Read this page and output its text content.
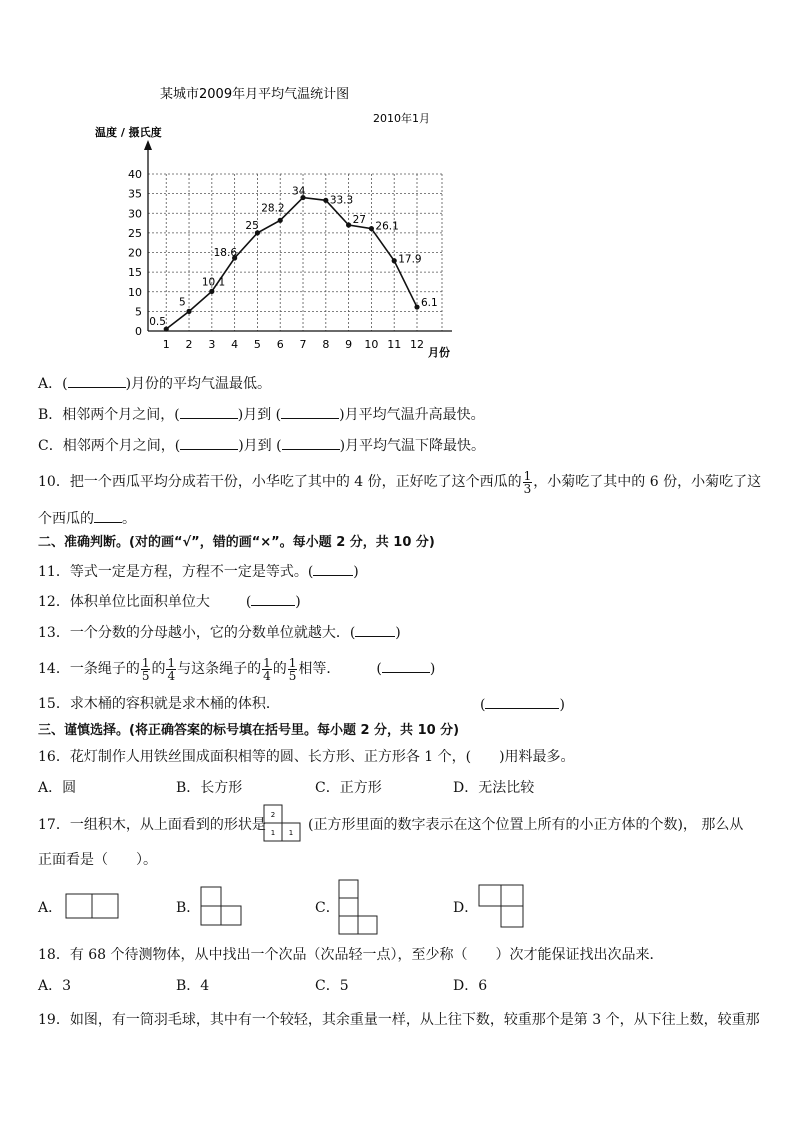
某城市2009年月平均气温统计图
2010年1月
温度 / 摄氏度
月份
0
5
10
15
20
25
30
35
40
1 2 3 4 5 6 7 8 9 10 11 12
0.5
5
10.1
18.6
25
28.2
34
33.3
27
26.1
17.9
6.1
A．(	)月份的平均气温最低。
B．相邻两个月之间，(	)月到 (	)月平均气温升高最快。
C．相邻两个月之间，(	)月到 (	)月平均气温下降最快。
10．把一个西瓜平均分成若干份，小华吃了其中的 4 份，正好吃了这个西瓜的 $\frac{1}{3}$ ，小菊吃了其中的 6 份，小菊吃了这
个西瓜的 。
二、准确判断。(对的画“√”，错的画“×”。每小题 2 分，共 10 分)
11．等式一定是方程，方程不一定是等式。(	)
12．体积单位比面积单位大	(	)
13．一个分数的分母越小，它的分数单位就越大．(	)
14．一条绳子的 $\frac{1}{5}$ 的 $\frac{1}{4}$ 与这条绳子的 $\frac{1}{4}$ 的 $\frac{1}{5}$ 相等．	(	)
15．求木桶的容积就是求木桶的体积．	(	)
三、谨慎选择。(将正确答案的标号填在括号里。每小题 2 分，共 10 分)
16．花灯制作人用铁丝围成面积相等的圆、长方形、正方形各 1 个，(　　)用料最多。
A．圆	B．长方形	C．正方形	D．无法比较
17．一组积木，从上面看到的形状是
2
1 1 (正方形里面的数字表示在这个位置上所有的小正方体的个数)， 那么从
正面看是（　　）。
A．	B．	C．	D．
18．有 68 个待测物体，从中找出一个次品（次品轻一点），至少称（　　）次才能保证找出次品来．
A．3	B．4	C．5	D．6
19．如图，有一筒羽毛球，其中有一个较轻，其余重量一样，从上往下数，较重那个是第 3 个，从下往上数，较重那
